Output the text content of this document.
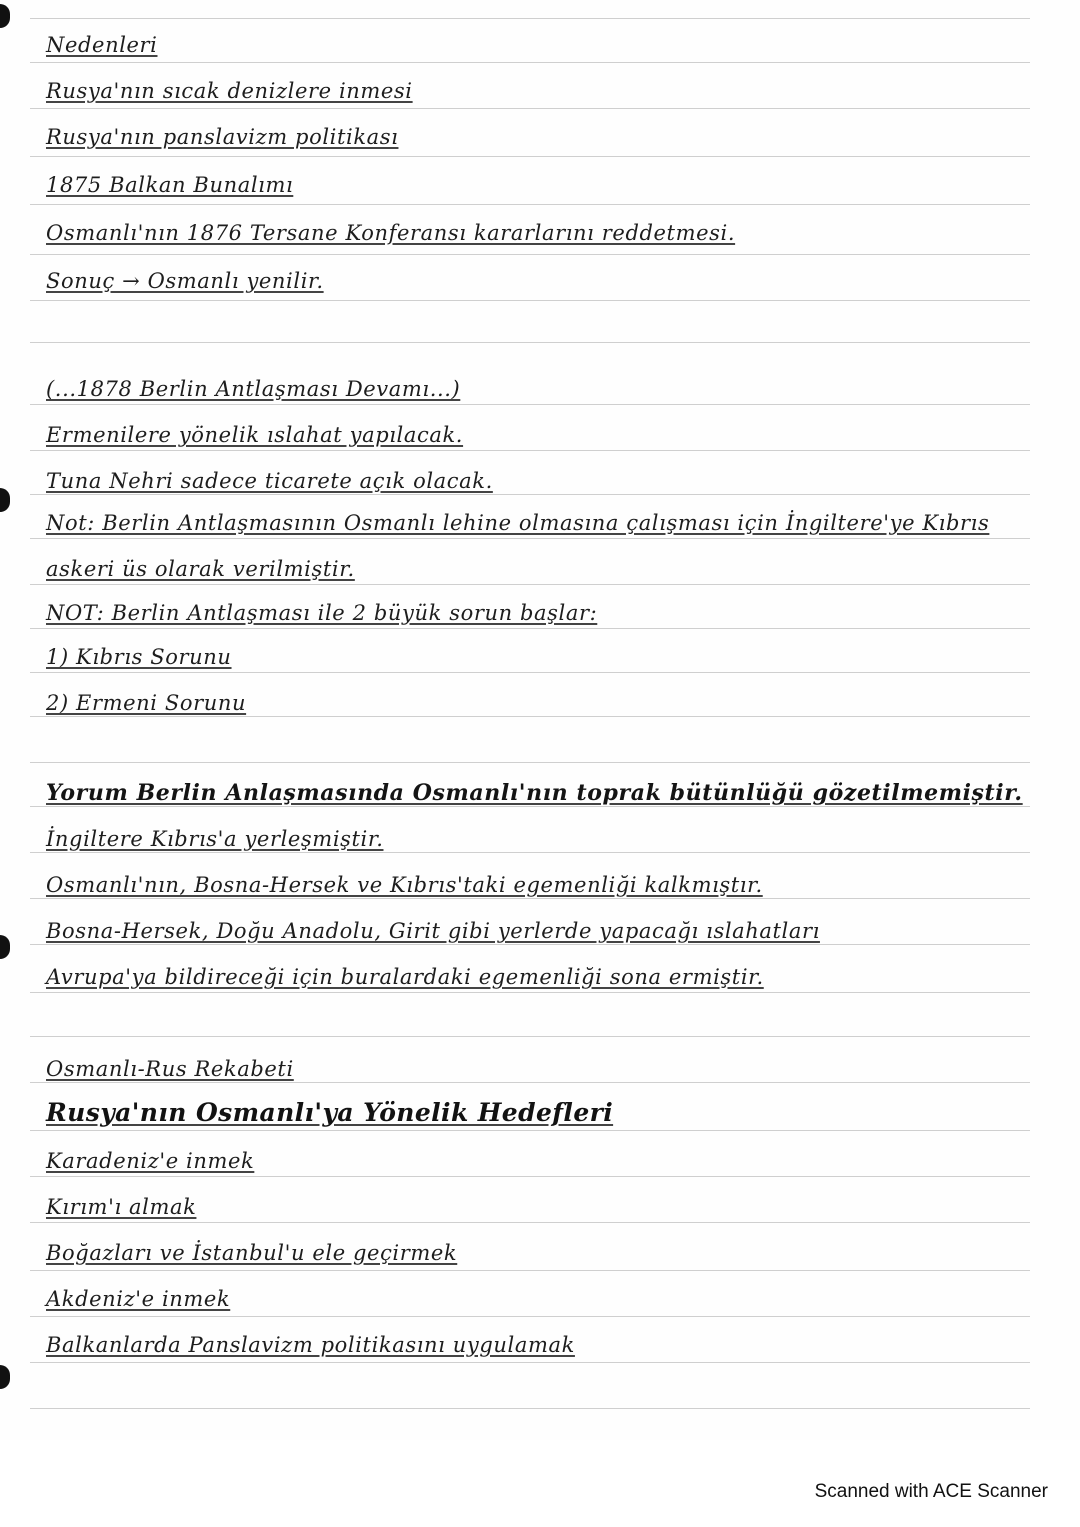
Nedenleri
Rusya'nın sıcak denizlere inmesi
Rusya'nın panslavizm politikası
1875 Balkan Bunalımı
Osmanlı'nın 1876 Tersane Konferansı kararlarını reddetmesi.
Sonuç → Osmanlı yenilir.
(...1878 Berlin Antlaşması Devamı...)
Ermenilere yönelik ıslahat yapılacak.
Tuna Nehri sadece ticarete açık olacak.
Not: Berlin Antlaşmasının Osmanlı lehine olmasına çalışması için İngiltere'ye Kıbrıs
askeri üs olarak verilmiştir.
NOT: Berlin Antlaşması ile 2 büyük sorun başlar:
1) Kıbrıs Sorunu
2) Ermeni Sorunu
Yorum Berlin Anlaşmasında Osmanlı'nın toprak bütünlüğü gözetilmemiştir.
İngiltere Kıbrıs'a yerleşmiştir.
Osmanlı'nın, Bosna-Hersek ve Kıbrıs'taki egemenliği kalkmıştır.
Bosna-Hersek, Doğu Anadolu, Girit gibi yerlerde yapacağı ıslahatları
Avrupa'ya bildireceği için buralardaki egemenliği sona ermiştir.
Osmanlı-Rus Rekabeti
Rusya'nın Osmanlı'ya Yönelik Hedefleri
Karadeniz'e inmek
Kırım'ı almak
Boğazları ve İstanbul'u ele geçirmek
Akdeniz'e inmek
Balkanlarda Panslavizm politikasını uygulamak
Scanned with ACE Scanner
